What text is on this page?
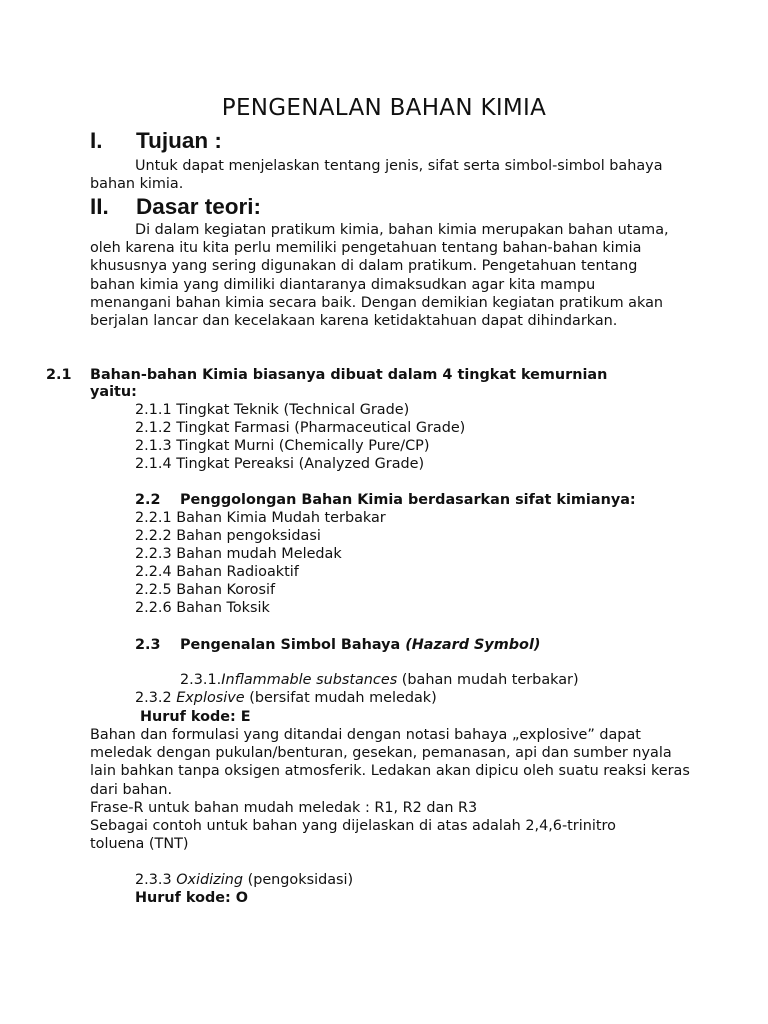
PENGENALAN BAHAN KIMIA
I. Tujuan :
Untuk dapat menjelaskan tentang jenis, sifat serta simbol-simbol bahaya bahan kimia.
II. Dasar teori:
Di dalam kegiatan pratikum kimia, bahan kimia merupakan bahan utama, oleh karena itu kita perlu memiliki pengetahuan tentang bahan-bahan kimia khususnya yang sering digunakan di dalam pratikum. Pengetahuan tentang bahan kimia yang dimiliki diantaranya dimaksudkan agar kita mampu menangani bahan kimia secara baik. Dengan demikian kegiatan pratikum akan berjalan lancar dan kecelakaan karena ketidaktahuan dapat dihindarkan.
2.1 Bahan-bahan Kimia biasanya dibuat dalam 4 tingkat kemurnian
yaitu:
2.1.1 Tingkat Teknik (Technical Grade)
2.1.2 Tingkat Farmasi (Pharmaceutical Grade)
2.1.3 Tingkat Murni (Chemically Pure/CP)
2.1.4 Tingkat Pereaksi (Analyzed Grade)
2.2 Penggolongan Bahan Kimia berdasarkan sifat kimianya:
2.2.1 Bahan Kimia Mudah terbakar
2.2.2 Bahan pengoksidasi
2.2.3 Bahan mudah Meledak
2.2.4 Bahan Radioaktif
2.2.5 Bahan Korosif
2.2.6 Bahan Toksik
2.3 Pengenalan Simbol Bahaya (Hazard Symbol)
2.3.1.Inflammable substances (bahan mudah terbakar)
2.3.2 Explosive (bersifat mudah meledak)
Huruf kode: E
Bahan dan formulasi yang ditandai dengan notasi bahaya „explosive” dapat meledak dengan pukulan/benturan, gesekan, pemanasan, api dan sumber nyala lain bahkan tanpa oksigen atmosferik. Ledakan akan dipicu oleh suatu reaksi keras dari bahan.
Frase-R untuk bahan mudah meledak : R1, R2 dan R3
Sebagai contoh untuk bahan yang dijelaskan di atas adalah 2,4,6-trinitro toluena (TNT)
2.3.3 Oxidizing (pengoksidasi)
Huruf kode: O
